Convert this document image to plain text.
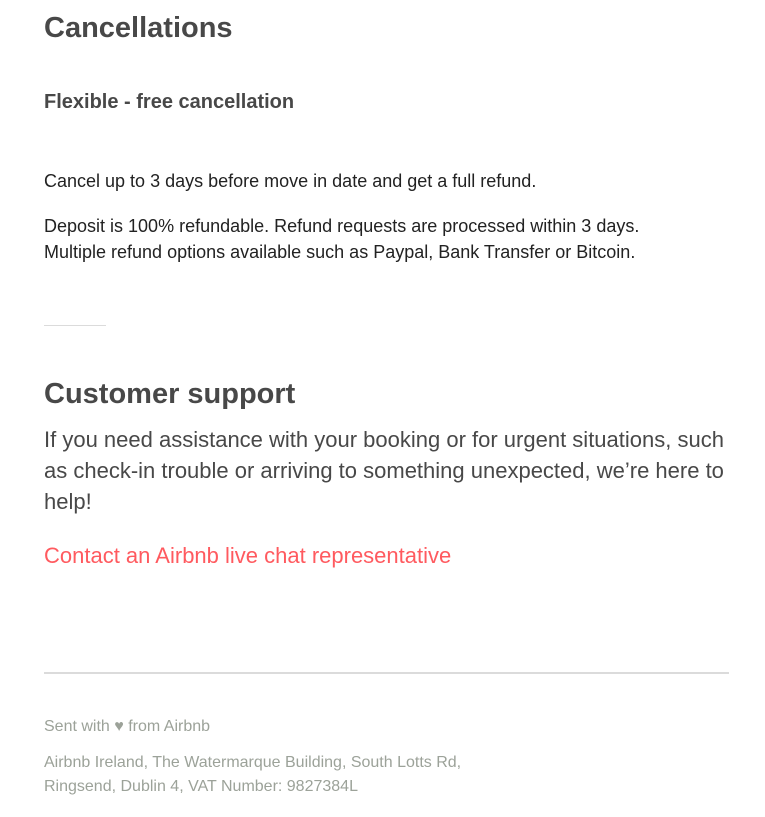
Cancellations
Flexible - free cancellation
Cancel up to 3 days before move in date and get a full refund.
Deposit is 100% refundable. Refund requests are processed within 3 days.
Multiple refund options available such as Paypal, Bank Transfer or Bitcoin.
Customer support
If you need assistance with your booking or for urgent situations, such as check-in trouble or arriving to something unexpected, we’re here to help!
Contact an Airbnb live chat representative
Sent with ♥ from Airbnb
Airbnb Ireland, The Watermarque Building, South Lotts Rd,
Ringsend, Dublin 4, VAT Number: 9827384L
